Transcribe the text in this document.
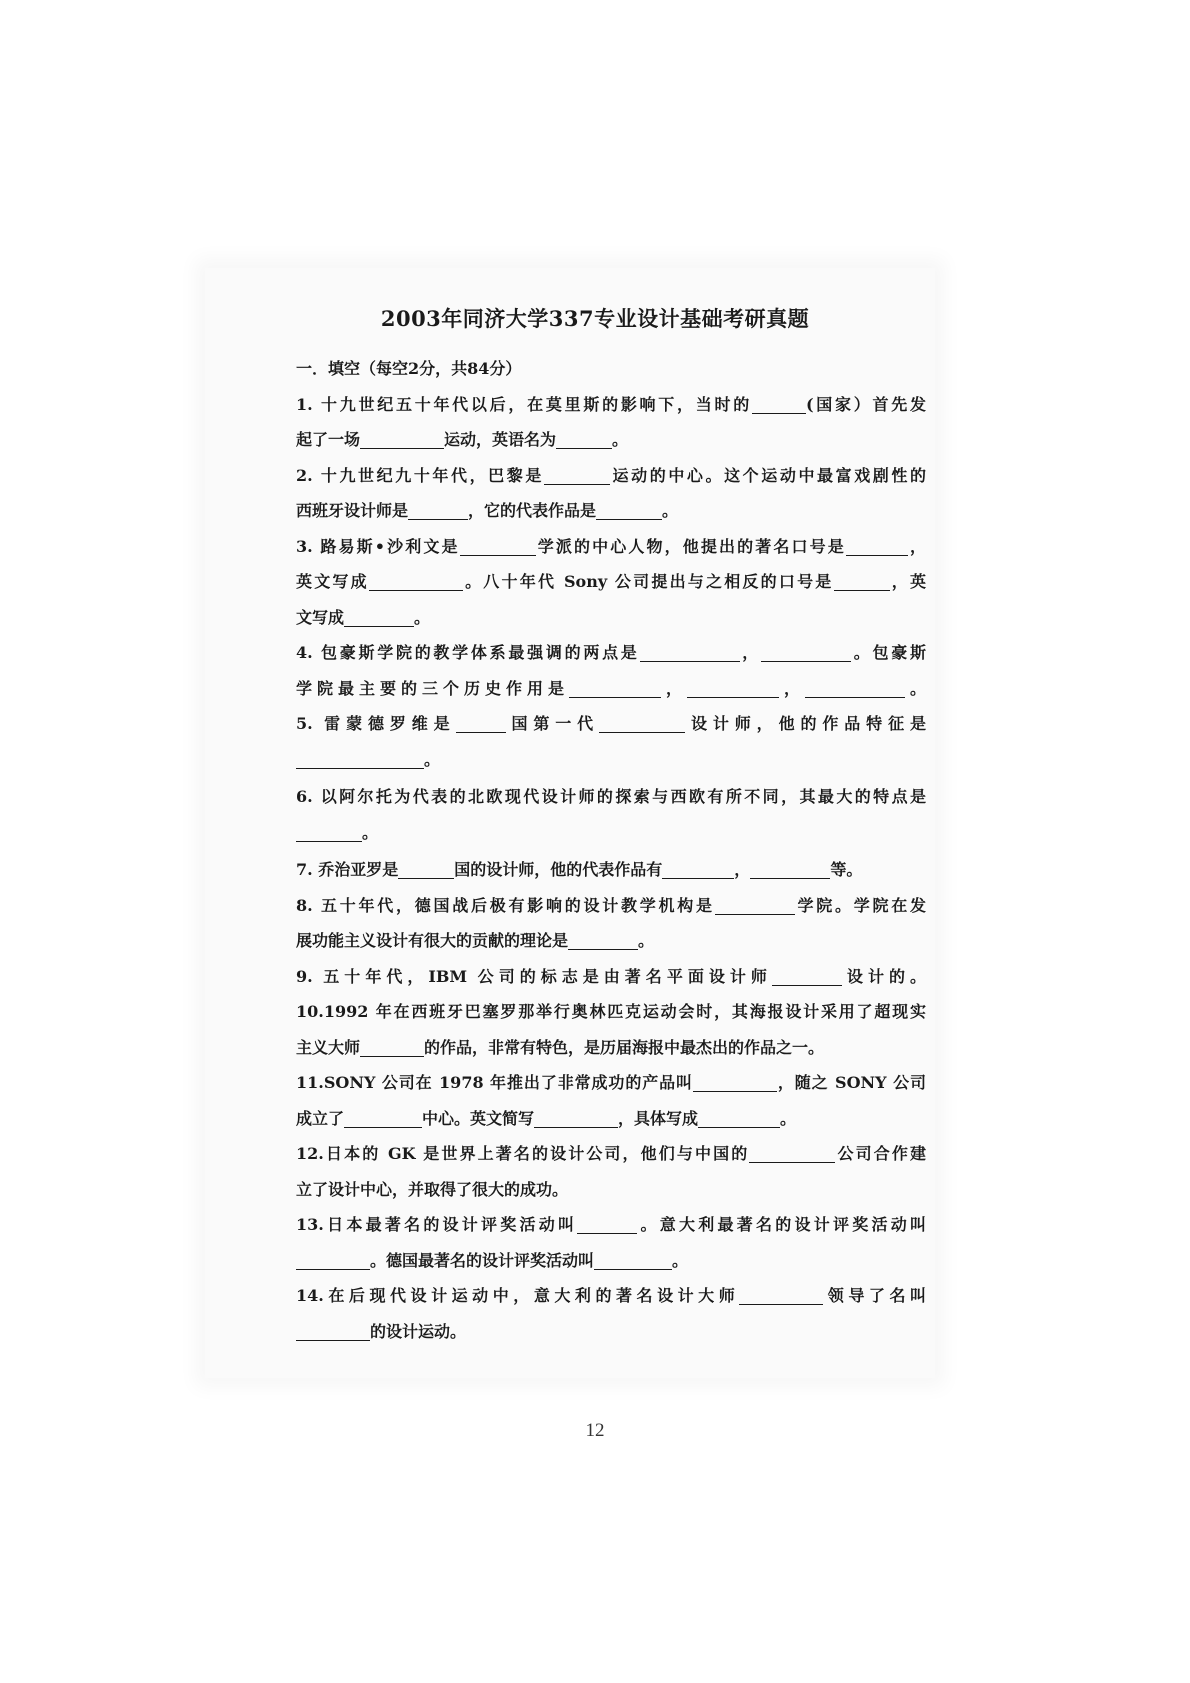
2003年同济大学337专业设计基础考研真题
一．填空（每空2分，共84分）
1. 十九世纪五十年代以后，在莫里斯的影响下，当时的	(国家）首先发
起了一场	运动，英语名为	。
2. 十九世纪九十年代，巴黎是	运动的中心。这个运动中最富戏剧性的
西班牙设计师是	，它的代表作品是	。
3. 路易斯•沙利文是	学派的中心人物，他提出的著名口号是	，
英文写成	。八十年代 Sony 公司提出与之相反的口号是	，英
文写成	。
4. 包豪斯学院的教学体系最强调的两点是	，	。包豪斯
学院最主要的三个历史作用是	，	，	。
5. 雷蒙德罗维是	国第一代	设计师，他的作品特征是
。
6. 以阿尔托为代表的北欧现代设计师的探索与西欧有所不同，其最大的特点是
。
7. 乔治亚罗是	国的设计师，他的代表作品有	，	等。
8. 五十年代，德国战后极有影响的设计教学机构是	学院。学院在发
展功能主义设计有很大的贡献的理论是	。
9. 五十年代，IBM 公司的标志是由著名平面设计师	设计的。
10.1992 年在西班牙巴塞罗那举行奥林匹克运动会时，其海报设计采用了超现实
主义大师	的作品，非常有特色，是历届海报中最杰出的作品之一。
11.SONY 公司在 1978 年推出了非常成功的产品叫	，随之 SONY 公司
成立了	中心。英文简写	，具体写成	。
12.日本的 GK 是世界上著名的设计公司，他们与中国的	公司合作建
立了设计中心，并取得了很大的成功。
13.日本最著名的设计评奖活动叫	。意大利最著名的设计评奖活动叫
。德国最著名的设计评奖活动叫	。
14.在后现代设计运动中，意大利的著名设计大师	领导了名叫
的设计运动。
12
